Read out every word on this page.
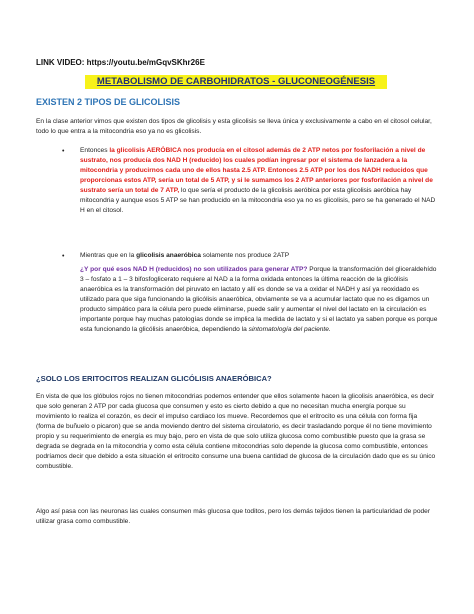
LINK VIDEO: https://youtu.be/mGqvSKhr26E
METABOLISMO DE CARBOHIDRATOS - GLUCONEOGÉNESIS
EXISTEN 2 TIPOS DE GLICOLISIS
En la clase anterior vimos que existen dos tipos de glicolisis y esta glicolisis se lleva única y exclusivamente a cabo en el citosol celular, todo lo que entra a la mitocondria eso ya no es glicolisis.
• Entonces la glicolisis AERÓBICA nos producía en el citosol además de 2 ATP netos por fosforilación a nivel de sustrato, nos producía dos NAD H (reducido) los cuales podían ingresar por el sistema de lanzadera a la mitocondria y producirnos cada uno de ellos hasta 2.5 ATP. Entonces 2.5 ATP por los dos NADH reducidos que proporcionas estos ATP, sería un total de 5 ATP, y si le sumamos los 2 ATP anteriores por fosforilación a nivel de sustrato sería un total de 7 ATP, lo que sería el producto de la glicolisis aeróbica por esta glicolisis aeróbica hay mitocondria y aunque esos 5 ATP se han producido en la mitocondria eso ya no es glicolisis, pero se ha generado el NAD H en el citosol.
• Mientras que en la glicolisis anaeróbica solamente nos produce 2ATP
¿Y por qué esos NAD H (reducidos) no son utilizados para generar ATP? Porque la transformación del gliceraldehído 3 – fosfato a 1 – 3 bifosfoglicerato requiere al NAD a la forma oxidada entonces la última reacción de la glicólisis anaeróbica es la transformación del piruvato en lactato y allí es donde se va a oxidar el NADH y así ya reoxidado es utilizado para que siga funcionando la glicólisis anaeróbica, obviamente se va a acumular lactato que no es digamos un producto simpático para la célula pero puede eliminarse, puede salir y aumentar el nivel del lactato en la circulación es importante porque hay muchas patologías donde se implica la medida de lactato y si el lactato ya saben porque es porque esta funcionando la glicólisis anaeróbica, dependiendo la sintomatología del paciente.
¿SOLO LOS ERITOCITOS REALIZAN GLICÓLISIS ANAERÓBICA?
En vista de que los glóbulos rojos no tienen mitocondrias podemos entender que ellos solamente hacen la glicolisis anaeróbica, es decir que solo generan 2 ATP por cada glucosa que consumen y esto es cierto debido a que no necesitan mucha energía porque su movimiento lo realiza el corazón, es decir el impulso cardiaco los mueve. Recordemos que el eritrocito es una célula con forma fija (forma de buñuelo o picaron) que se anda moviendo dentro del sistema circulatorio, es decir trasladando porque él no tiene movimiento propio y su requerimiento de energía es muy bajo, pero en vista de que solo utiliza glucosa como combustible puesto que la grasa se degrada se degrada en la mitocondria y como esta célula contiene mitocondrias solo depende la glucosa como combustible, entonces podríamos decir que debido a esta situación el eritrocito consume una buena cantidad de glucosa de la circulación dado que es su único combustible.
Algo así pasa con las neuronas las cuales consumen más glucosa que toditos, pero los demás tejidos tienen la particularidad de poder utilizar grasa como combustible.
